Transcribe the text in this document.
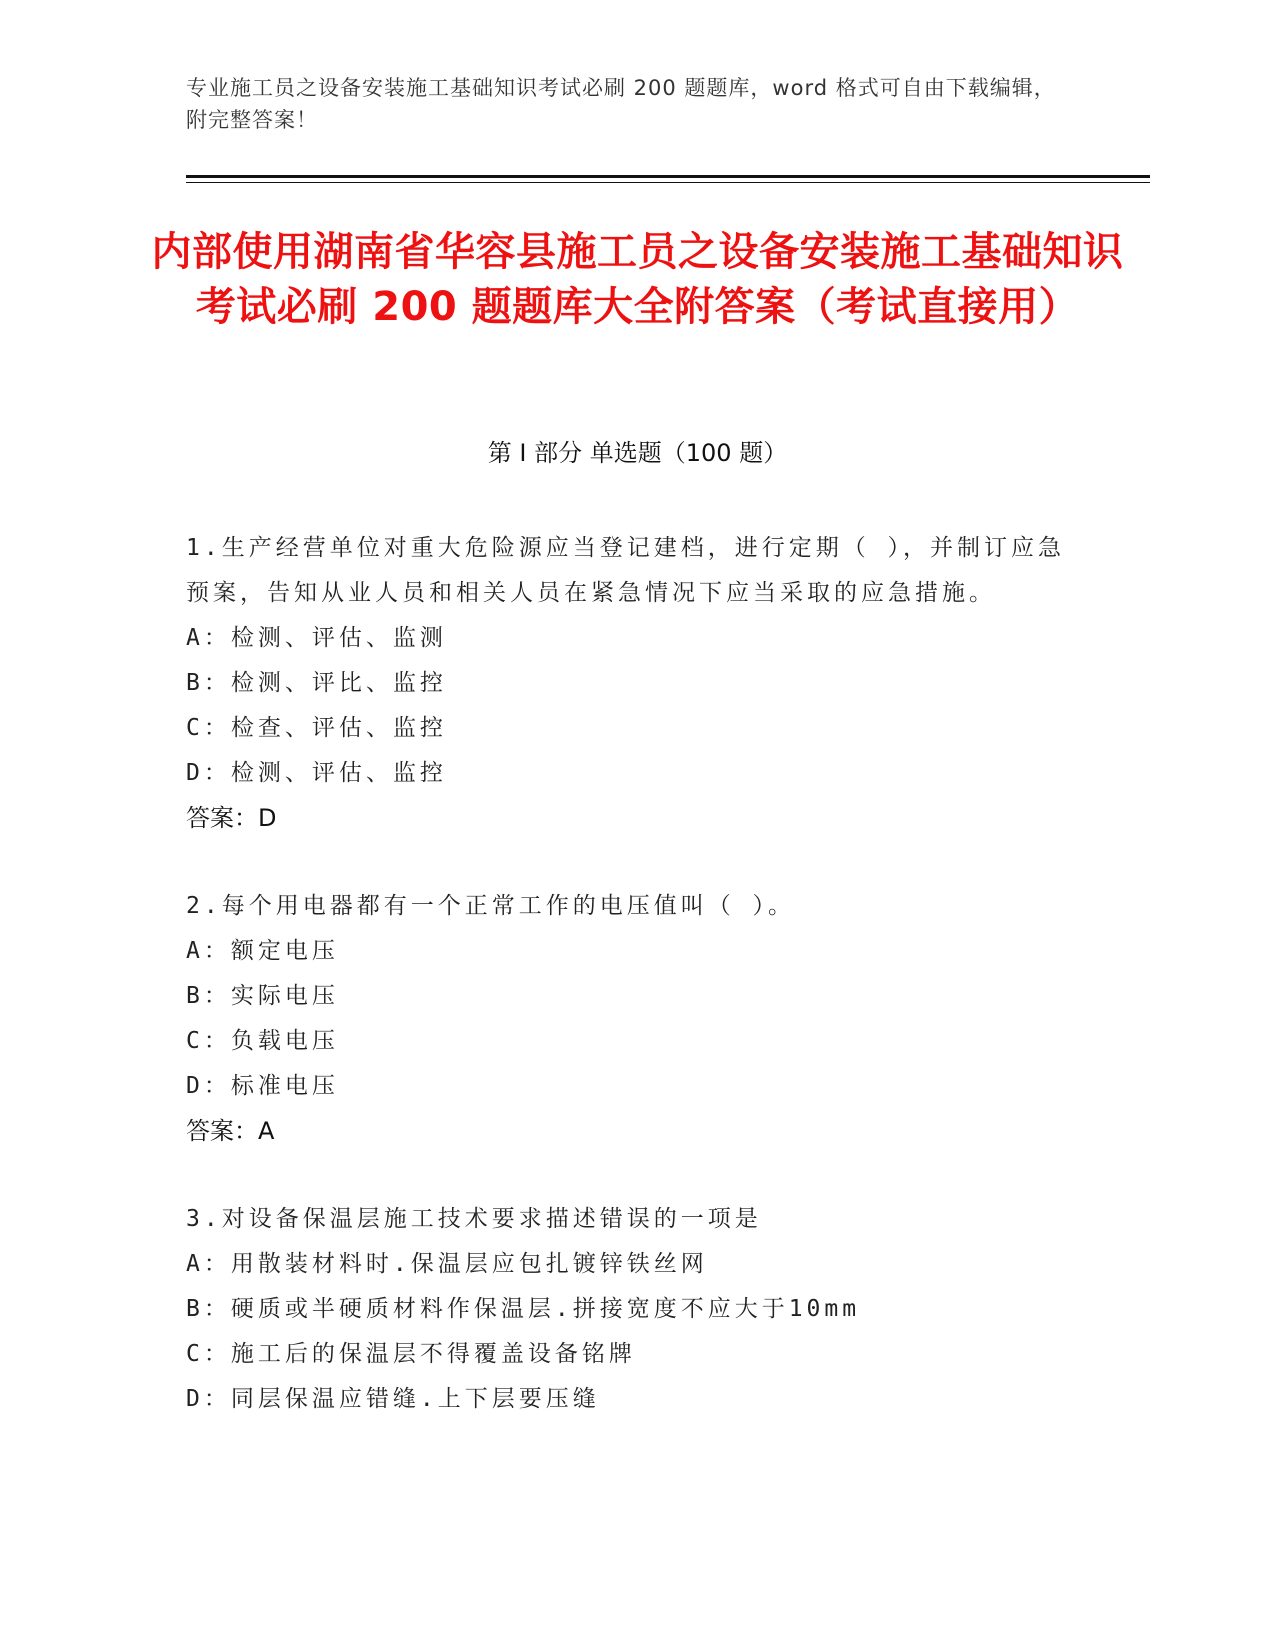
专业施工员之设备安装施工基础知识考试必刷 200 题题库，word 格式可自由下载编辑，附完整答案！
内部使用湖南省华容县施工员之设备安装施工基础知识考试必刷 200 题题库大全附答案（考试直接用）
第 I 部分 单选题（100 题）

1.生产经营单位对重大危险源应当登记建档，进行定期（ ），并制订应急预案，告知从业人员和相关人员在紧急情况下应当采取的应急措施。

A：检测、评估、监测

B：检测、评比、监控

C：检查、评估、监控

D：检测、评估、监控

答案：D

2.每个用电器都有一个正常工作的电压值叫（ ）。

A：额定电压

B：实际电压

C：负载电压

D：标准电压

答案：A

3.对设备保温层施工技术要求描述错误的一项是

A：用散装材料时.保温层应包扎镀锌铁丝网

B：硬质或半硬质材料作保温层.拼接宽度不应大于10mm

C：施工后的保温层不得覆盖设备铭牌

D：同层保温应错缝.上下层要压缝
